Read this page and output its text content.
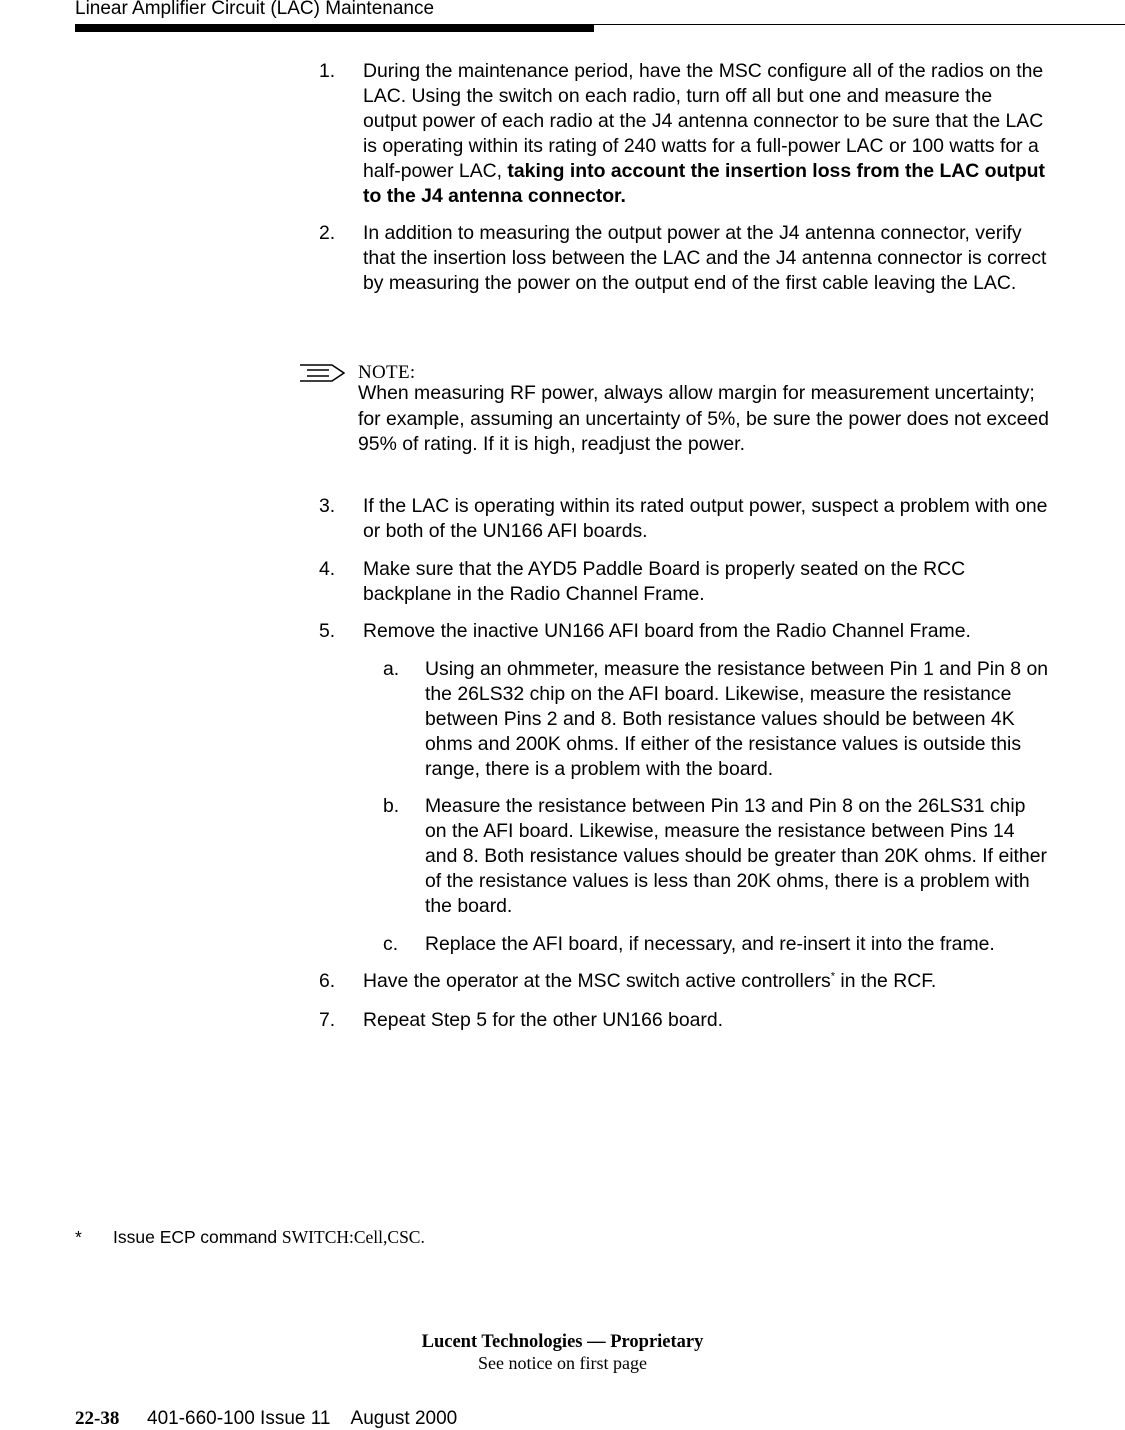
Linear Amplifier Circuit (LAC) Maintenance
1. During the maintenance period, have the MSC configure all of the radios on the LAC. Using the switch on each radio, turn off all but one and measure the output power of each radio at the J4 antenna connector to be sure that the LAC is operating within its rating of 240 watts for a full-power LAC or 100 watts for a half-power LAC, taking into account the insertion loss from the LAC output to the J4 antenna connector.
2. In addition to measuring the output power at the J4 antenna connector, verify that the insertion loss between the LAC and the J4 antenna connector is correct by measuring the power on the output end of the first cable leaving the LAC.
NOTE:
When measuring RF power, always allow margin for measurement uncertainty; for example, assuming an uncertainty of 5%, be sure the power does not exceed 95% of rating. If it is high, readjust the power.
3. If the LAC is operating within its rated output power, suspect a problem with one or both of the UN166 AFI boards.
4. Make sure that the AYD5 Paddle Board is properly seated on the RCC backplane in the Radio Channel Frame.
5. Remove the inactive UN166 AFI board from the Radio Channel Frame.
a. Using an ohmmeter, measure the resistance between Pin 1 and Pin 8 on the 26LS32 chip on the AFI board. Likewise, measure the resistance between Pins 2 and 8. Both resistance values should be between 4K ohms and 200K ohms. If either of the resistance values is outside this range, there is a problem with the board.
b. Measure the resistance between Pin 13 and Pin 8 on the 26LS31 chip on the AFI board. Likewise, measure the resistance between Pins 14 and 8. Both resistance values should be greater than 20K ohms. If either of the resistance values is less than 20K ohms, there is a problem with the board.
c. Replace the AFI board, if necessary, and re-insert it into the frame.
6. Have the operator at the MSC switch active controllers* in the RCF.
7. Repeat Step 5 for the other UN166 board.
* Issue ECP command SWITCH:Cell,CSC.
Lucent Technologies — Proprietary
See notice on first page
22-38 401-660-100 Issue 11    August 2000
